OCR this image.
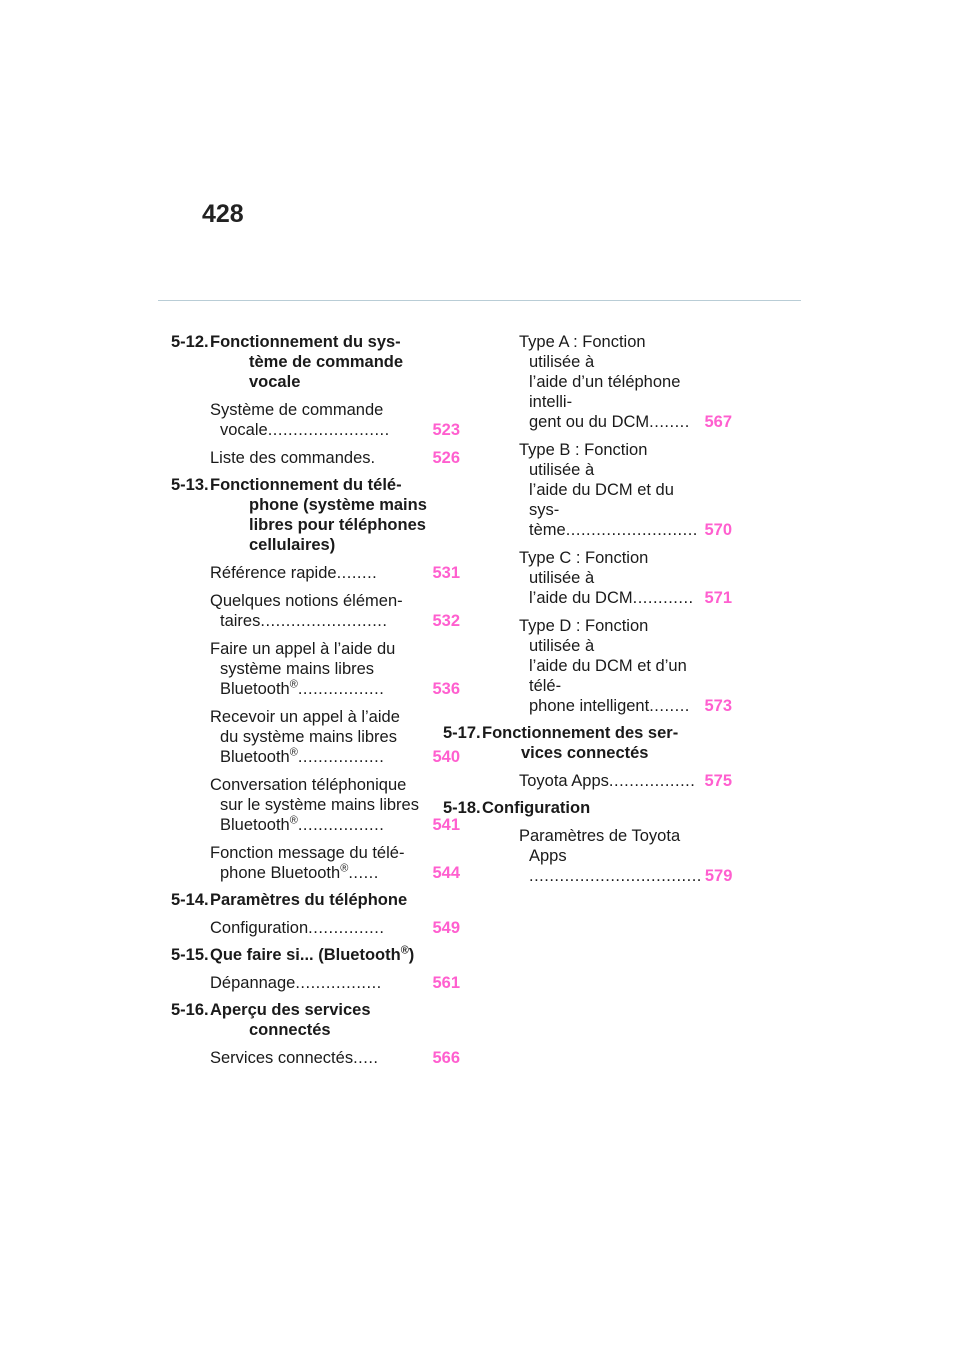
428
5-12.Fonctionnement du sys-
tème de commande
vocale
Système de commande
vocale........................	523
Liste des commandes.	526
5-13.Fonctionnement du télé-
phone (système mains
libres pour téléphones
cellulaires)
Référence rapide........	531
Quelques notions élémen-
taires.........................	532
Faire un appel à l’aide du
système mains libres
Bluetooth®.................	536
Recevoir un appel à l’aide
du système mains libres
Bluetooth®.................	540
Conversation téléphonique
sur le système mains libres
Bluetooth®.................	541
Fonction message du télé-
phone Bluetooth®......	544
5-14.Paramètres du téléphone
Configuration...............	549
5-15.Que faire si... (Bluetooth®)
Dépannage.................	561
5-16.Aperçu des services
connectés
Services connectés.....	566
Type A : Fonction utilisée à
l’aide d’un téléphone intelli-
gent ou du DCM........ 567
Type B : Fonction utilisée à
l’aide du DCM et du sys-
tème.......................... 570
Type C : Fonction utilisée à
l’aide du DCM............ 571
Type D : Fonction utilisée à
l’aide du DCM et d’un télé-
phone intelligent........ 573
5-17.Fonctionnement des ser-
vices connectés
Toyota Apps................. 575
5-18.Configuration
Paramètres de Toyota Apps
.................................. 579
